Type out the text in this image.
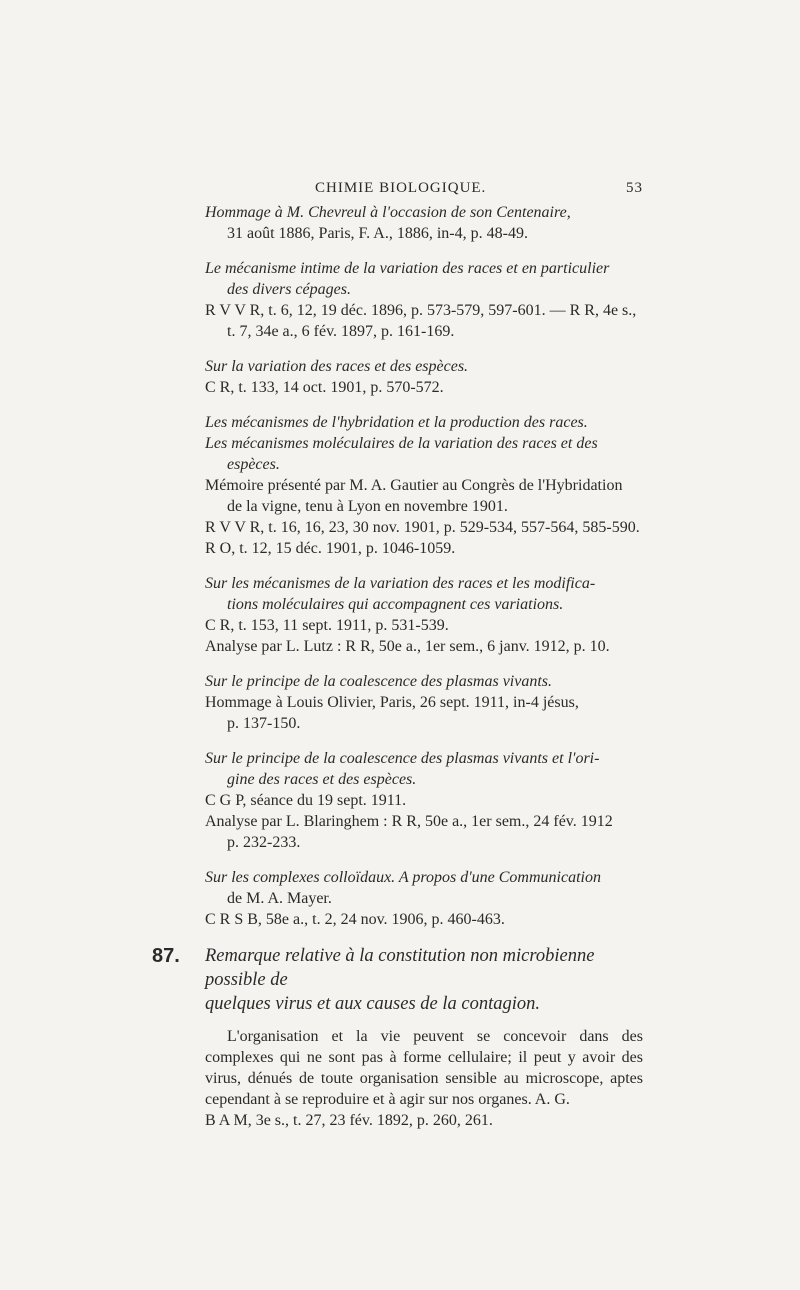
CHIMIE BIOLOGIQUE.	53
Hommage à M. Chevreul à l'occasion de son Centenaire,
31 août 1886, Paris, F. A., 1886, in-4, p. 48-49.
Le mécanisme intime de la variation des races et en particulier
des divers cépages.
R V V R, t. 6, 12, 19 déc. 1896, p. 573-579, 597-601. — R R, 4e s.,
t. 7, 34e a., 6 fév. 1897, p. 161-169.
Sur la variation des races et des espèces.
C R, t. 133, 14 oct. 1901, p. 570-572.
Les mécanismes de l'hybridation et la production des races.
Les mécanismes moléculaires de la variation des races et des
espèces.
Mémoire présenté par M. A. Gautier au Congrès de l'Hybridation
de la vigne, tenu à Lyon en novembre 1901.
R V V R, t. 16, 16, 23, 30 nov. 1901, p. 529-534, 557-564, 585-590.
R O, t. 12, 15 déc. 1901, p. 1046-1059.
Sur les mécanismes de la variation des races et les modifica-
tions moléculaires qui accompagnent ces variations.
C R, t. 153, 11 sept. 1911, p. 531-539.
Analyse par L. Lutz : R R, 50e a., 1er sem., 6 janv. 1912, p. 10.
Sur le principe de la coalescence des plasmas vivants.
Hommage à Louis Olivier, Paris, 26 sept. 1911, in-4 jésus,
p. 137-150.
Sur le principe de la coalescence des plasmas vivants et l'ori-
gine des races et des espèces.
C G P, séance du 19 sept. 1911.
Analyse par L. Blaringhem : R R, 50e a., 1er sem., 24 fév. 1912
p. 232-233.
Sur les complexes colloïdaux. A propos d'une Communication
de M. A. Mayer.
C R S B, 58e a., t. 2, 24 nov. 1906, p. 460-463.
87. Remarque relative à la constitution non microbienne possible de
quelques virus et aux causes de la contagion.
L'organisation et la vie peuvent se concevoir dans des complexes qui ne sont pas à forme cellulaire; il peut y avoir des virus, dénués de toute organisation sensible au microscope, aptes cependant à se reproduire et à agir sur nos organes. A. G.
B A M, 3e s., t. 27, 23 fév. 1892, p. 260, 261.
